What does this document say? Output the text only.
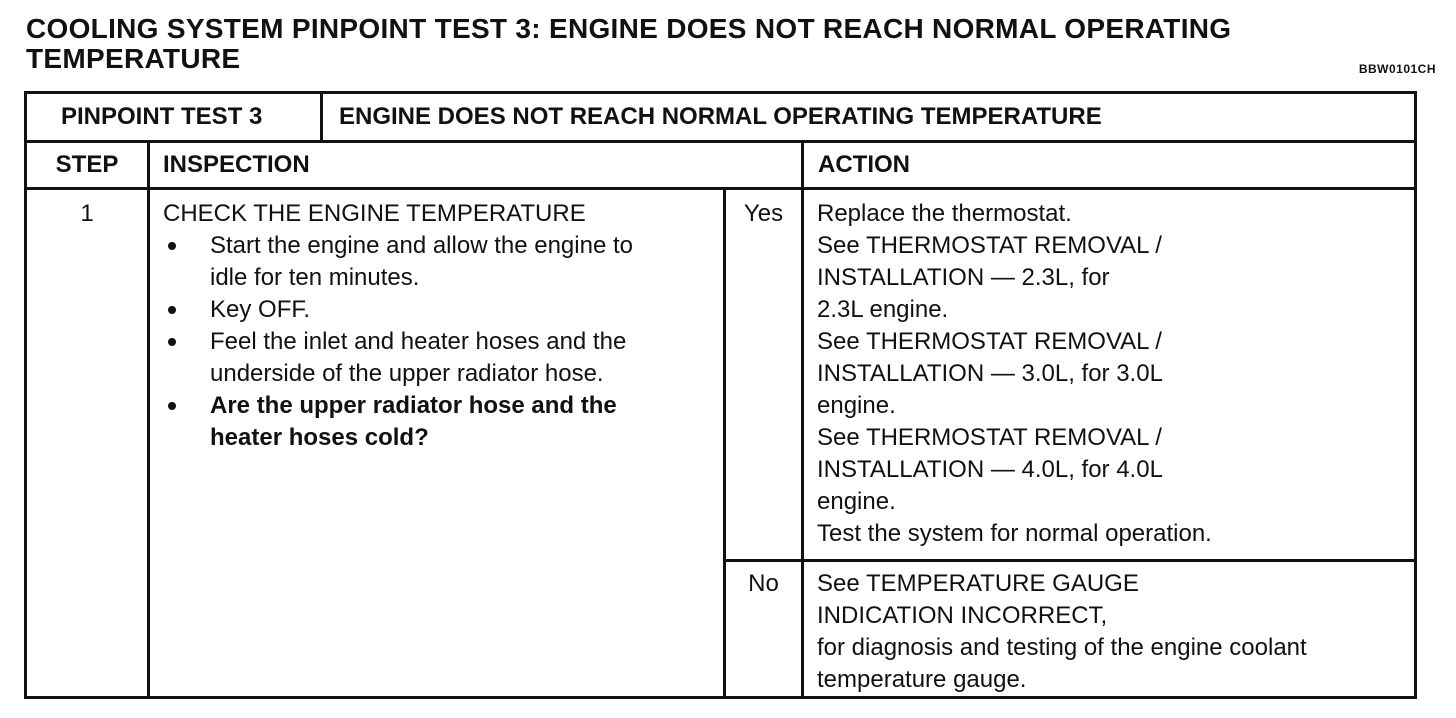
COOLING SYSTEM PINPOINT TEST 3: ENGINE DOES NOT REACH NORMAL OPERATING
TEMPERATURE	BBW0101CH
PINPOINT TEST 3	ENGINE DOES NOT REACH NORMAL OPERATING TEMPERATURE
STEP	INSPECTION	ACTION
1	CHECK THE ENGINE TEMPERATURE
Start the engine and allow the engine to
idle for ten minutes.
Key OFF.
Feel the inlet and heater hoses and the
underside of the upper radiator hose.
Are the upper radiator hose and the
heater hoses cold?
Yes	Replace the thermostat.
See THERMOSTAT REMOVAL /
INSTALLATION — 2.3L, for
2.3L engine.
See THERMOSTAT REMOVAL /
INSTALLATION — 3.0L, for 3.0L
engine.
See THERMOSTAT REMOVAL /
INSTALLATION — 4.0L, for 4.0L
engine.
Test the system for normal operation.
No	See TEMPERATURE GAUGE
INDICATION INCORRECT,
for diagnosis and testing of the engine coolant
temperature gauge.
